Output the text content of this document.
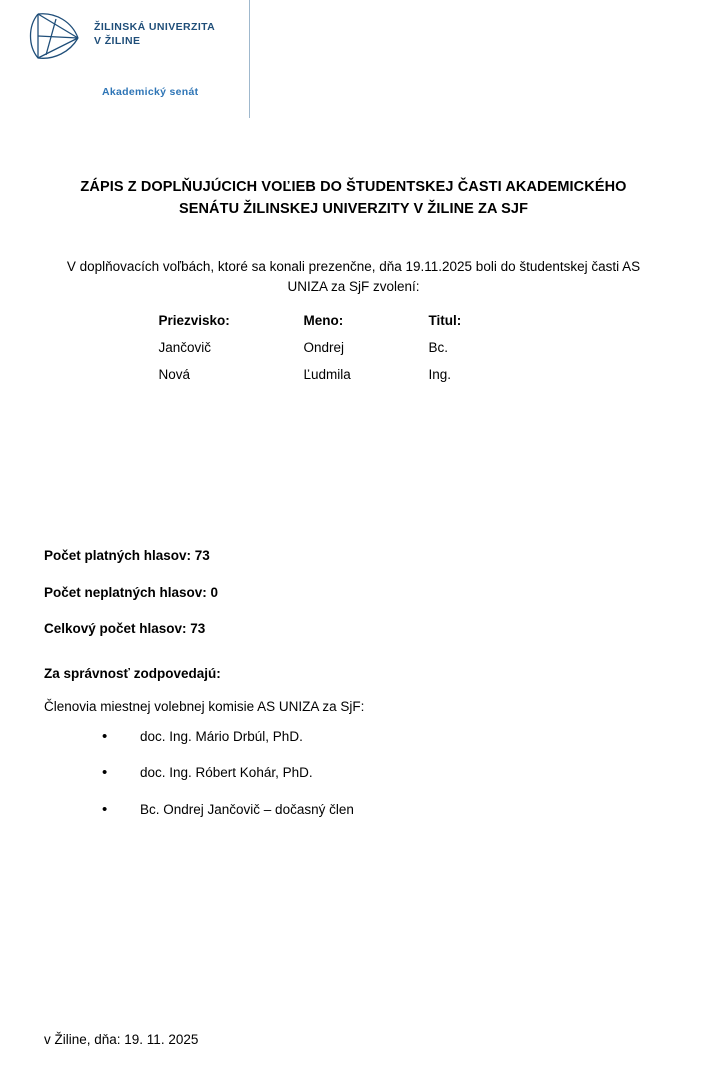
ŽILINSKÁ UNIVERZITA
V ŽILINE
Akademický senát
ZÁPIS Z DOPLŇUJÚCICH VOĽIEB DO ŠTUDENTSKEJ ČASTI AKADEMICKÉHO SENÁTU ŽILINSKEJ UNIVERZITY V ŽILINE ZA SJF
V doplňovacích voľbách, ktoré sa konali prezenčne, dňa 19.11.2025 boli do študentskej časti AS UNIZA za SjF zvolení:
Priezvisko:	Meno:	Titul:
Jančovič	Ondrej	Bc.
Nová	Ľudmila	Ing.
Počet platných hlasov: 73
Počet neplatných hlasov: 0
Celkový počet hlasov: 73
Za správnosť zodpovedajú:
Členovia miestnej volebnej komisie AS UNIZA za SjF:
• doc. Ing. Mário Drbúl, PhD.
• doc. Ing. Róbert Kohár, PhD.
• Bc. Ondrej Jančovič – dočasný člen
v Žiline, dňa: 19. 11. 2025
